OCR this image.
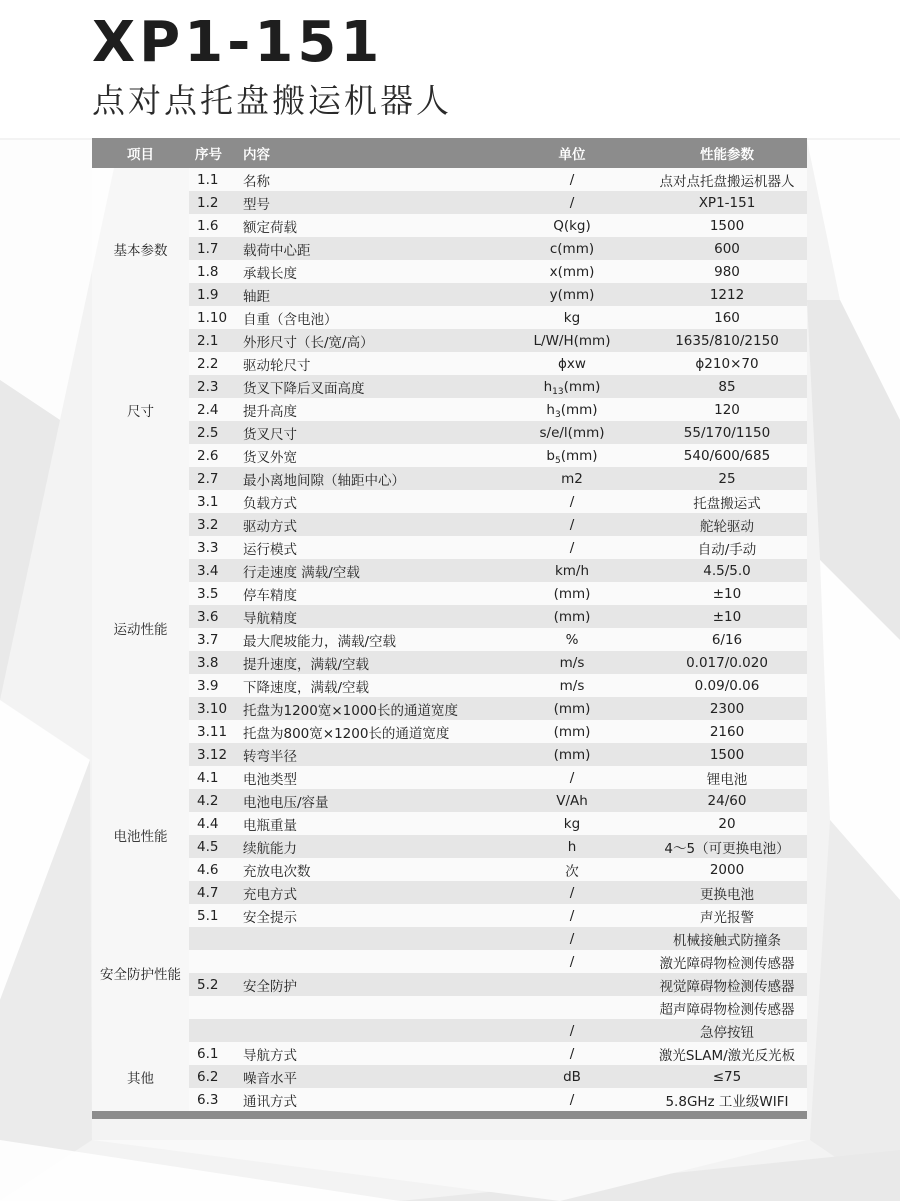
XP1-151
点对点托盘搬运机器人
项目	序号	内容	单位	性能参数
基本参数	1.1	名称	/	点对点托盘搬运机器人
	1.2	型号	/	XP1-151
	1.6	额定荷载	Q(kg)	1500
	1.7	载荷中心距	c(mm)	600
	1.8	承载长度	x(mm)	980
	1.9	轴距	y(mm)	1212
	1.10	自重（含电池）	kg	160
尺寸	2.1	外形尺寸（长/宽/高）	L/W/H(mm)	1635/810/2150
	2.2	驱动轮尺寸	ϕxw	ϕ210×70
	2.3	货叉下降后叉面高度	$h_{13}(mm)$	85
	2.4	提升高度	$h_3(mm)$	120
	2.5	货叉尺寸	s/e/l(mm)	55/170/1150
	2.6	货叉外宽	$b_5(mm)$	540/600/685
	2.7	最小离地间隙（轴距中心）	m2	25
运动性能	3.1	负载方式	/	托盘搬运式
	3.2	驱动方式	/	舵轮驱动
	3.3	运行模式	/	自动/手动
	3.4	行走速度 满载/空载	km/h	4.5/5.0
	3.5	停车精度	(mm)	±10
	3.6	导航精度	(mm)	±10
	3.7	最大爬坡能力，满载/空载	%	6/16
	3.8	提升速度，满载/空载	m/s	0.017/0.020
	3.9	下降速度，满载/空载	m/s	0.09/0.06
	3.10	托盘为1200宽×1000长的通道宽度	(mm)	2300
	3.11	托盘为800宽×1200长的通道宽度	(mm)	2160
	3.12	转弯半径	(mm)	1500
电池性能	4.1	电池类型	/	锂电池
	4.2	电池电压/容量	V/Ah	24/60
	4.4	电瓶重量	kg	20
	4.5	续航能力	h	4～5（可更换电池）
	4.6	充放电次数	次	2000
	4.7	充电方式	/	更换电池
安全防护性能	5.1	安全提示	/	声光报警
			/	机械接触式防撞条
			/	激光障碍物检测传感器
	5.2	安全防护		视觉障碍物检测传感器
				超声障碍物检测传感器
			/	急停按钮
其他	6.1	导航方式	/	激光SLAM/激光反光板
	6.2	噪音水平	dB	≤75
	6.3	通讯方式	/	5.8GHz 工业级WIFI
